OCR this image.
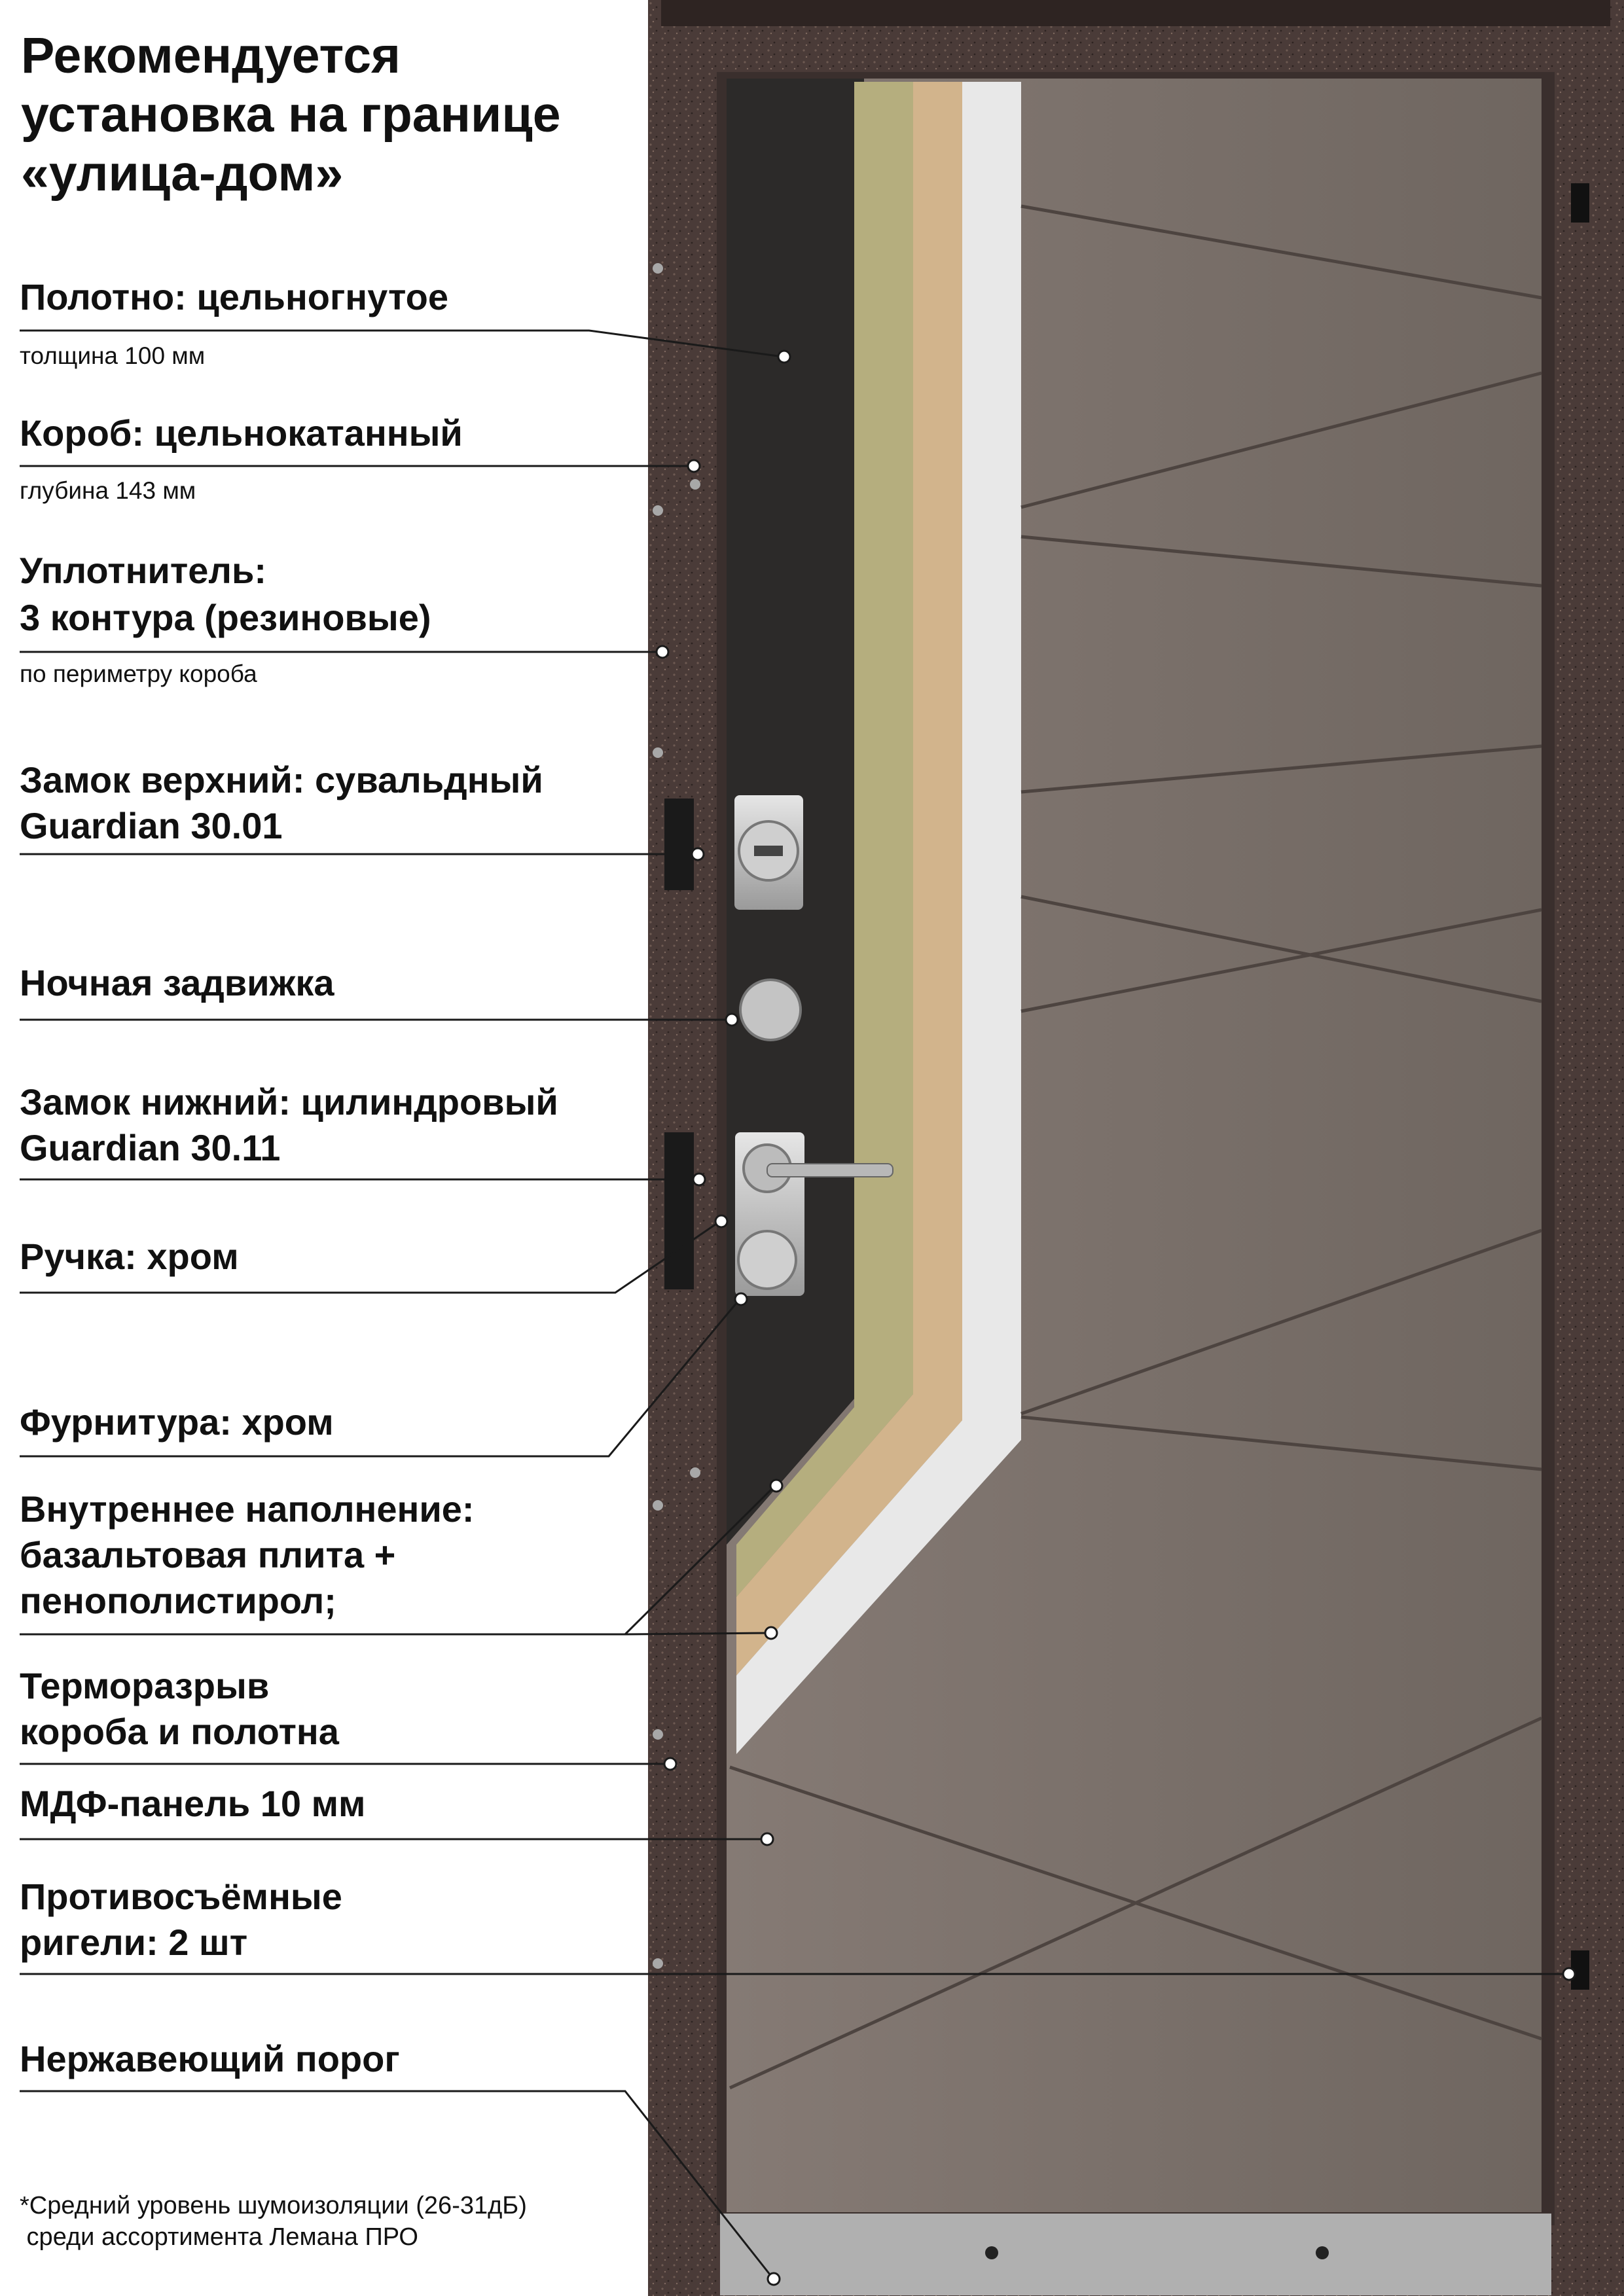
Рекомендуется установка на границе «улица-дом»
Полотно: цельногнутое
толщина 100 мм
Короб: цельнокатанный
глубина 143 мм
Уплотнитель:
3 контура (резиновые)
по периметру короба
Замок верхний: сувальдный
Guardian 30.01
Ночная задвижка
Замок нижний: цилиндровый
Guardian 30.11
Ручка: хром
Фурнитура: хром
Внутреннее наполнение:
базальтовая плита +
пенополистирол;
Терморазрыв
короба и полотна
МДФ-панель 10 мм
Противосъёмные
ригели: 2 шт
Нержавеющий порог
*Средний уровень шумоизоляции (26-31дБ)
среди ассортимента Лемана ПРО
